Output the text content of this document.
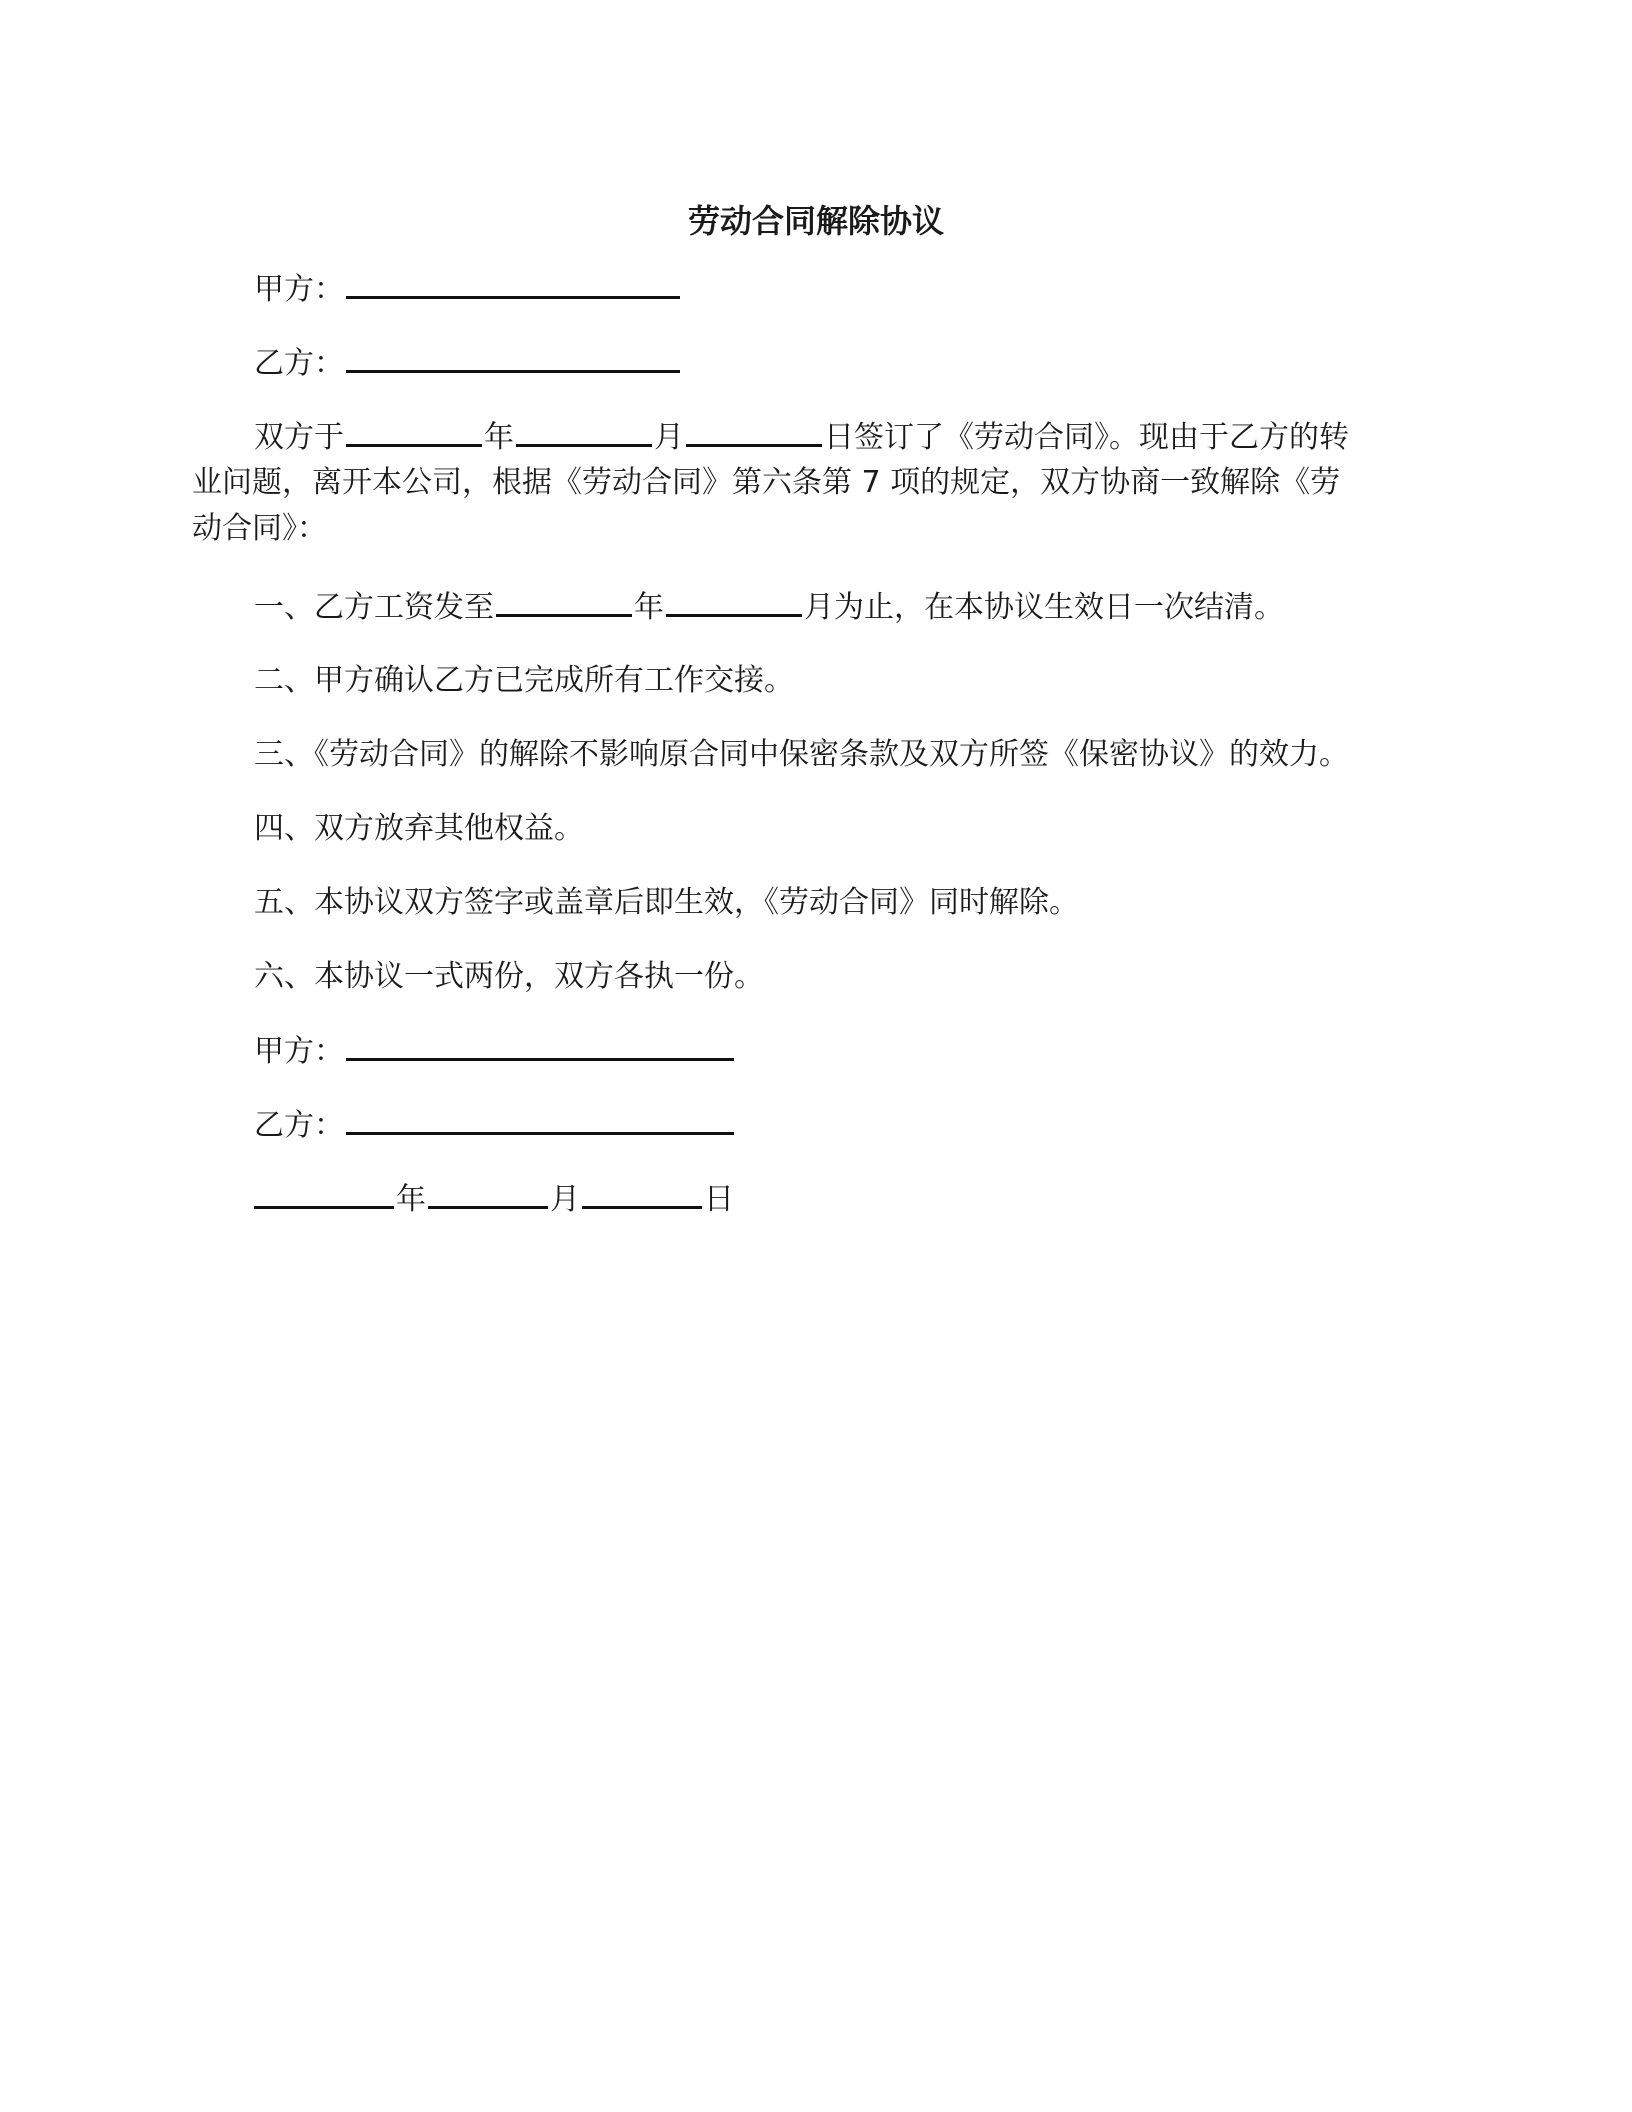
劳动合同解除协议
甲方：
乙方：
双方于	年	月	日签订了《劳动合同》。现由于乙方的转
业问题，离开本公司，根据《劳动合同》第六条第 7 项的规定，双方协商一致解除《劳
动合同》：
一、乙方工资发至	年	月为止，在本协议生效日一次结清。
二、甲方确认乙方已完成所有工作交接。
三、《劳动合同》的解除不影响原合同中保密条款及双方所签《保密协议》的效力。
四、双方放弃其他权益。
五、本协议双方签字或盖章后即生效，《劳动合同》同时解除。
六、本协议一式两份，双方各执一份。
甲方：
乙方：
年	月	日
